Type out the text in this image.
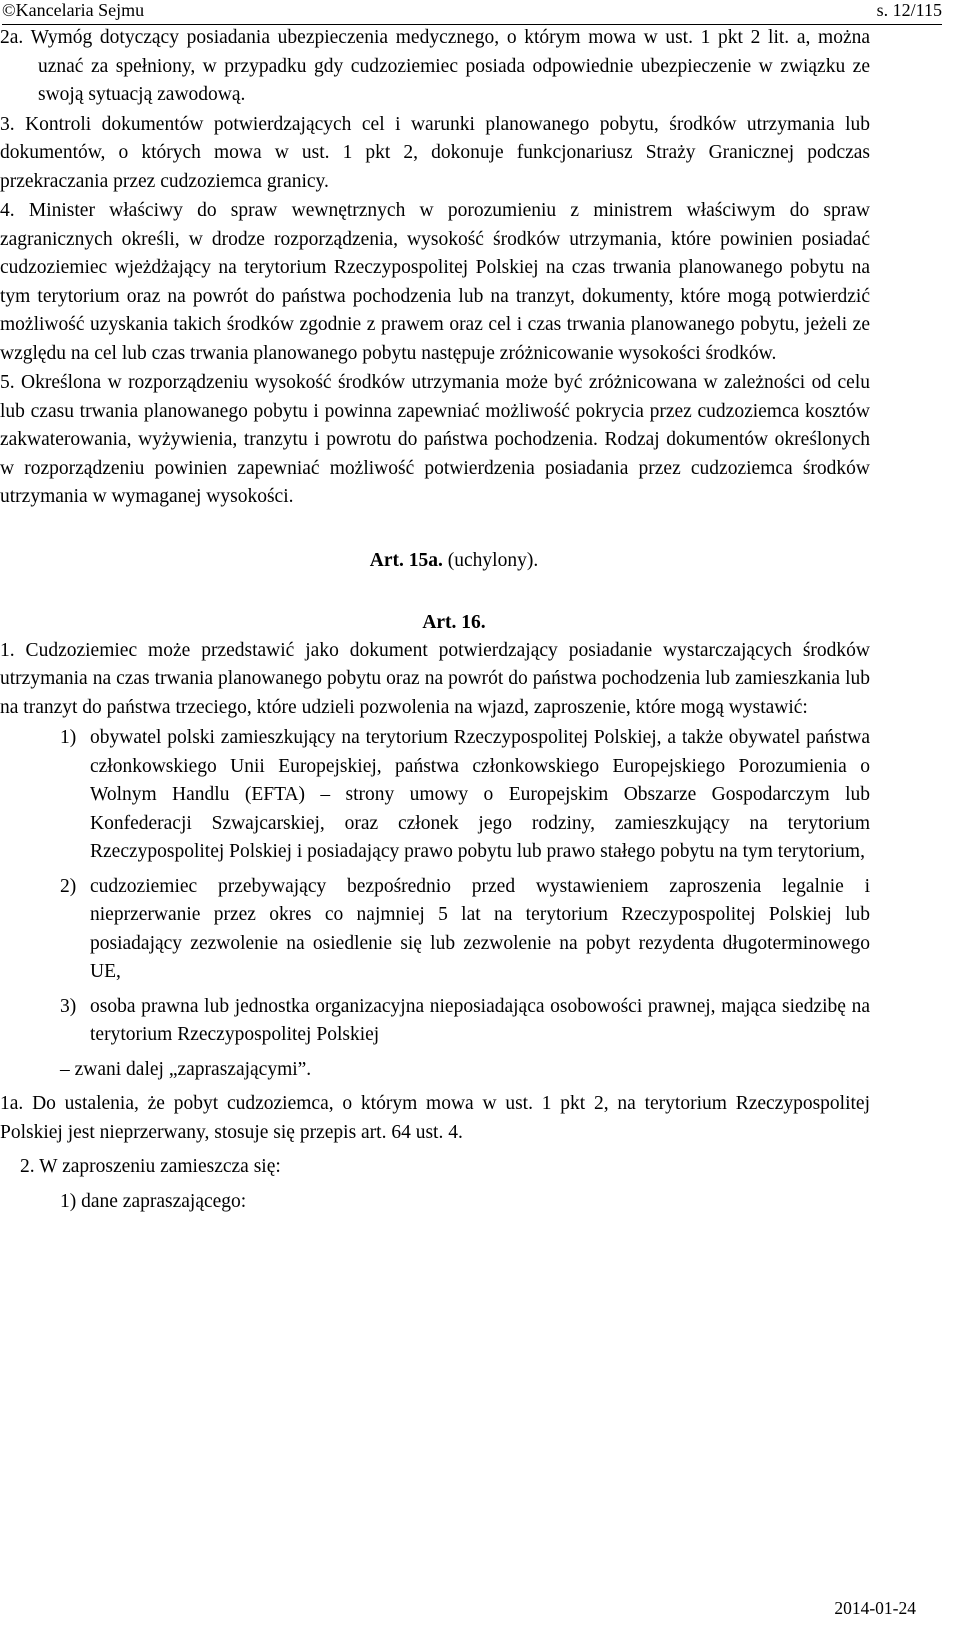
©Kancelaria Sejmu	s. 12/115

2a. Wymóg dotyczący posiadania ubezpieczenia medycznego, o którym mowa w ust. 1 pkt 2 lit. a, można uznać za spełniony, w przypadku gdy cudzoziemiec posiada odpowiednie ubezpieczenie w związku ze swoją sytuacją zawodową.

3. Kontroli dokumentów potwierdzających cel i warunki planowanego pobytu, środków utrzymania lub dokumentów, o których mowa w ust. 1 pkt 2, dokonuje funkcjonariusz Straży Granicznej podczas przekraczania przez cudzoziemca granicy.

4. Minister właściwy do spraw wewnętrznych w porozumieniu z ministrem właściwym do spraw zagranicznych określi, w drodze rozporządzenia, wysokość środków utrzymania, które powinien posiadać cudzoziemiec wjeżdżający na terytorium Rzeczypospolitej Polskiej na czas trwania planowanego pobytu na tym terytorium oraz na powrót do państwa pochodzenia lub na tranzyt, dokumenty, które mogą potwierdzić możliwość uzyskania takich środków zgodnie z prawem oraz cel i czas trwania planowanego pobytu, jeżeli ze względu na cel lub czas trwania planowanego pobytu następuje zróżnicowanie wysokości środków.

5. Określona w rozporządzeniu wysokość środków utrzymania może być zróżnicowana w zależności od celu lub czasu trwania planowanego pobytu i powinna zapewniać możliwość pokrycia przez cudzoziemca kosztów zakwaterowania, wyżywienia, tranzytu i powrotu do państwa pochodzenia. Rodzaj dokumentów określonych w rozporządzeniu powinien zapewniać możliwość potwierdzenia posiadania przez cudzoziemca środków utrzymania w wymaganej wysokości.

Art. 15a. (uchylony).

Art. 16.

1. Cudzoziemiec może przedstawić jako dokument potwierdzający posiadanie wystarczających środków utrzymania na czas trwania planowanego pobytu oraz na powrót do państwa pochodzenia lub zamieszkania lub na tranzyt do państwa trzeciego, które udzieli pozwolenia na wjazd, zaproszenie, które mogą wystawić:

1) obywatel polski zamieszkujący na terytorium Rzeczypospolitej Polskiej, a także obywatel państwa członkowskiego Unii Europejskiej, państwa członkowskiego Europejskiego Porozumienia o Wolnym Handlu (EFTA) – strony umowy o Europejskim Obszarze Gospodarczym lub Konfederacji Szwajcarskiej, oraz członek jego rodziny, zamieszkujący na terytorium Rzeczypospolitej Polskiej i posiadający prawo pobytu lub prawo stałego pobytu na tym terytorium,
2) cudzoziemiec przebywający bezpośrednio przed wystawieniem zaproszenia legalnie i nieprzerwanie przez okres co najmniej 5 lat na terytorium Rzeczypospolitej Polskiej lub posiadający zezwolenie na osiedlenie się lub zezwolenie na pobyt rezydenta długoterminowego UE,
3) osoba prawna lub jednostka organizacyjna nieposiadająca osobowości prawnej, mająca siedzibę na terytorium Rzeczypospolitej Polskiej

– zwani dalej „zapraszającymi”.

1a. Do ustalenia, że pobyt cudzoziemca, o którym mowa w ust. 1 pkt 2, na terytorium Rzeczypospolitej Polskiej jest nieprzerwany, stosuje się przepis art. 64 ust. 4.

2. W zaproszeniu zamieszcza się:

1) dane zapraszającego:

2014-01-24
